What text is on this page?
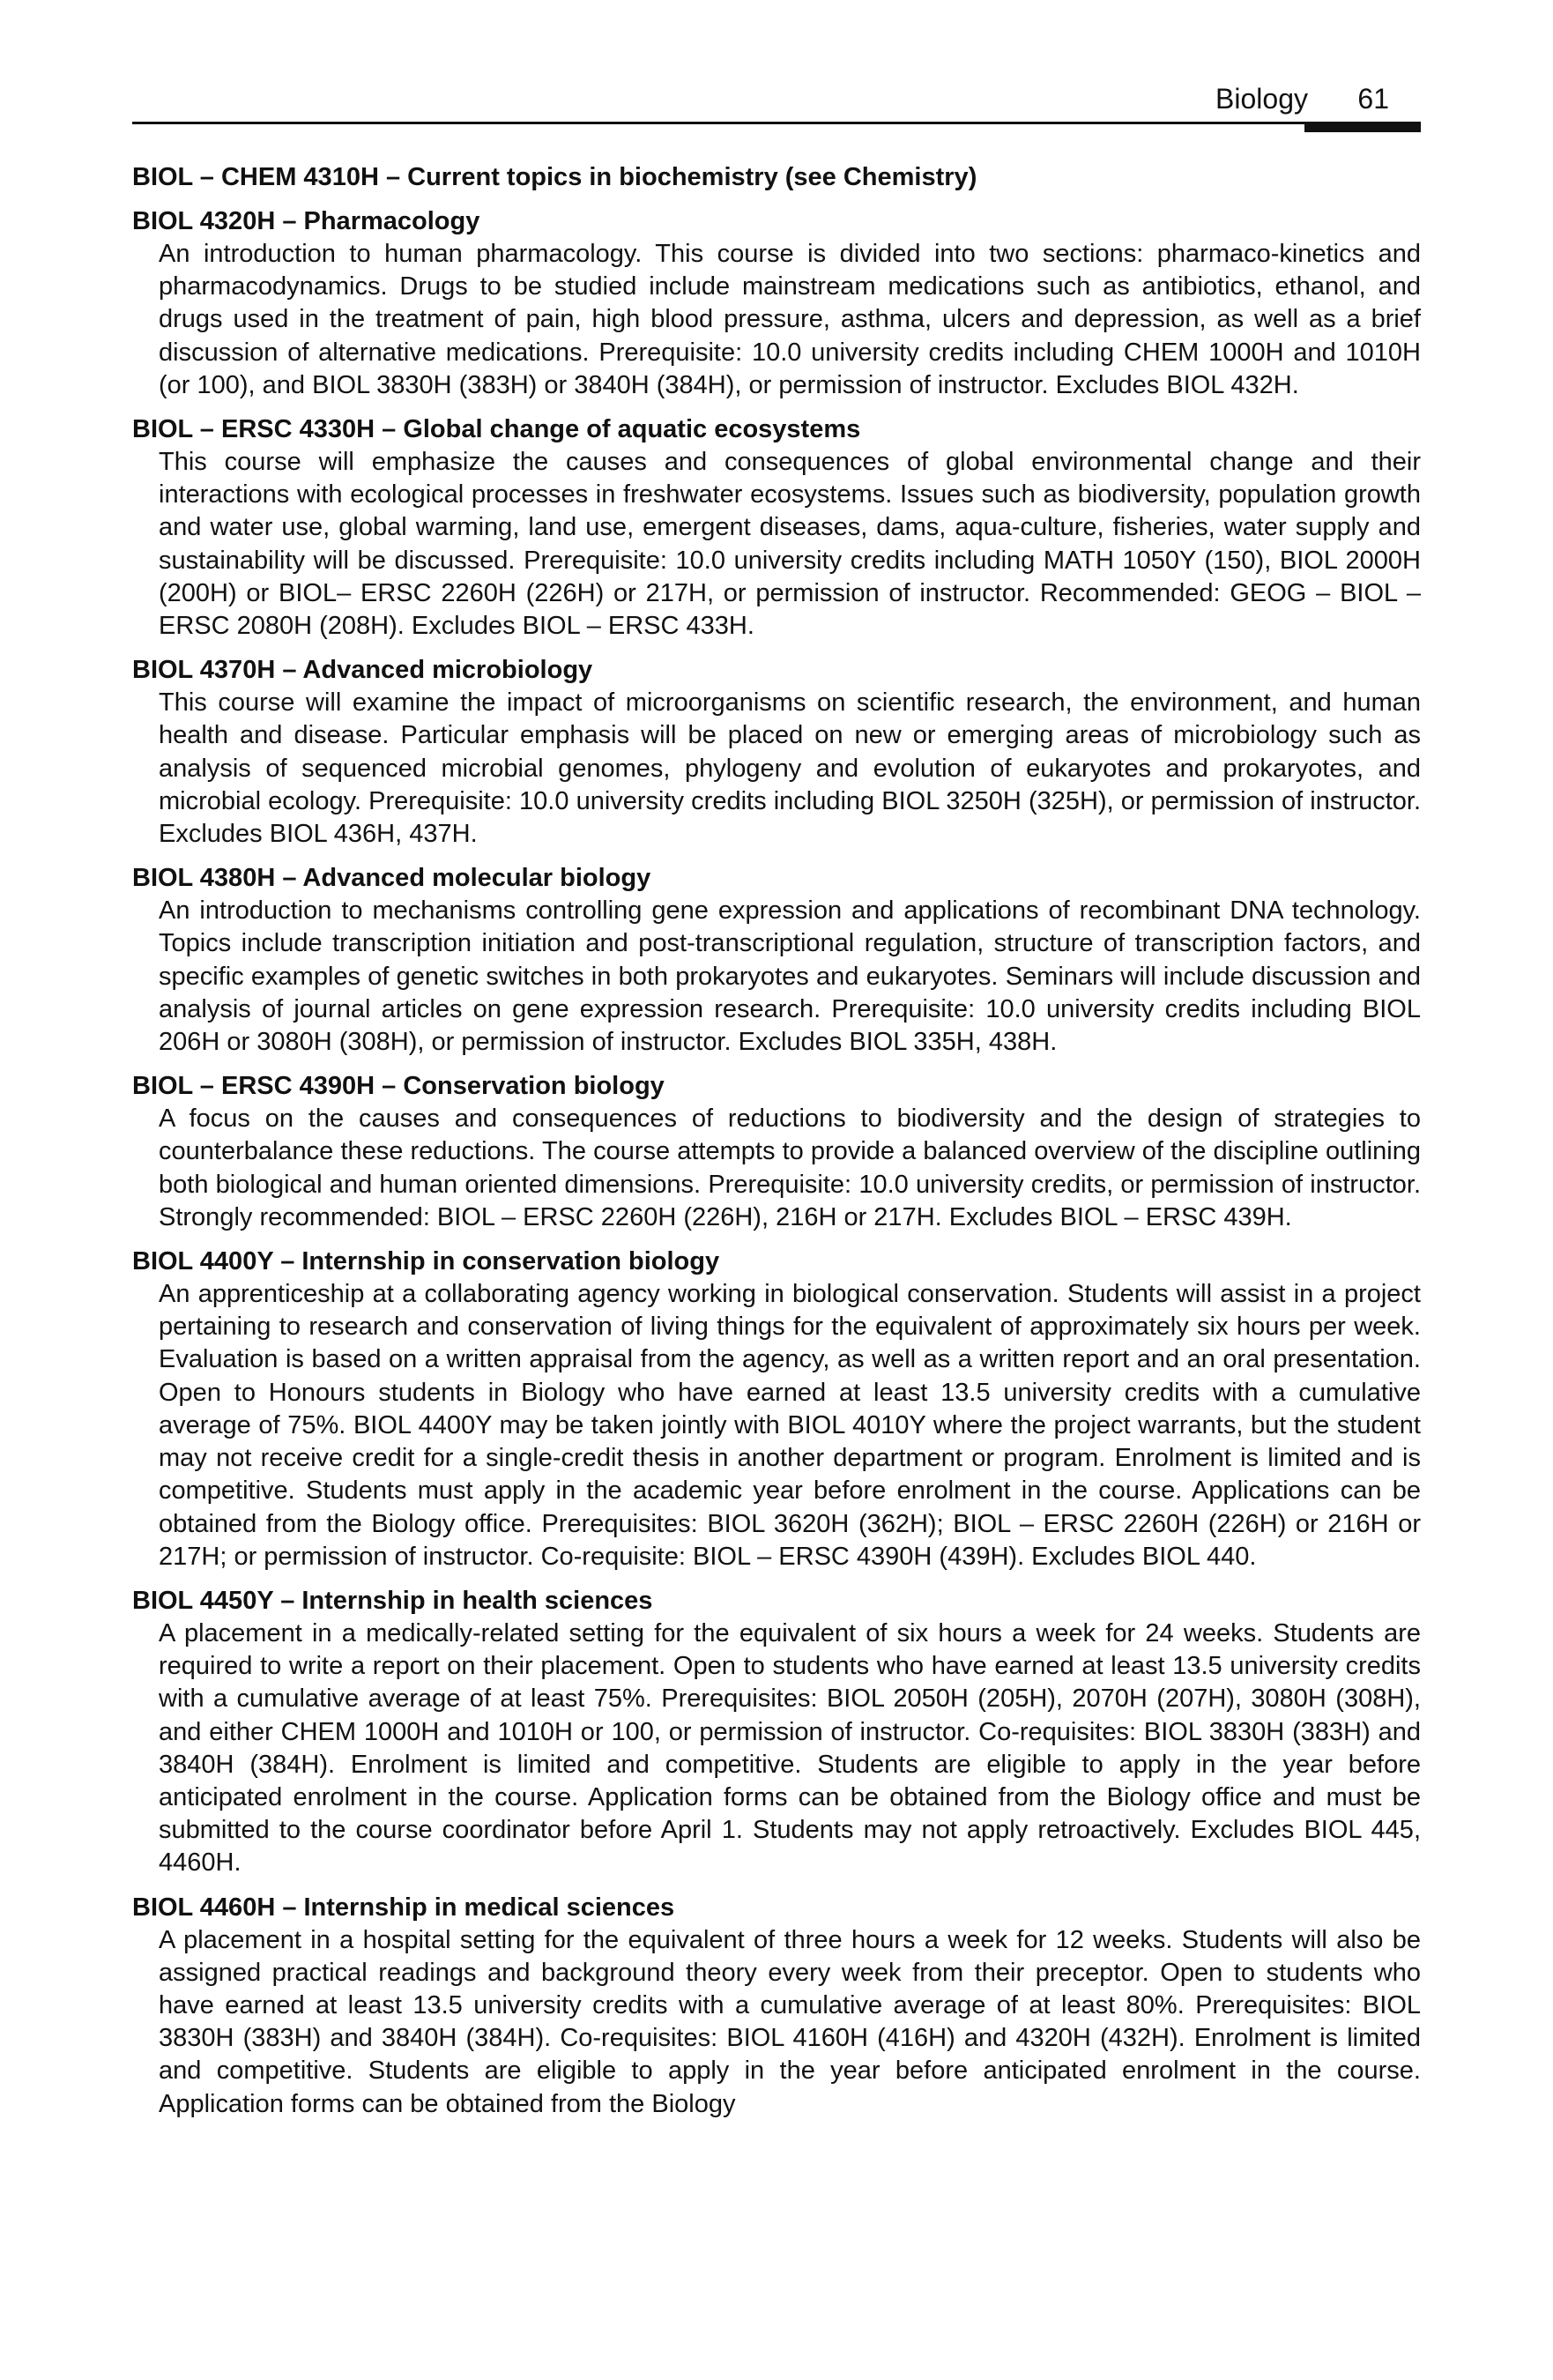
Biology 61

BIOL – CHEM 4310H – Current topics in biochemistry (see Chemistry)

BIOL 4320H – Pharmacology

An introduction to human pharmacology. This course is divided into two sections: pharmaco-kinetics and pharmacodynamics. Drugs to be studied include mainstream medications such as antibiotics, ethanol, and drugs used in the treatment of pain, high blood pressure, asthma, ulcers and depression, as well as a brief discussion of alternative medications. Prerequisite: 10.0 university credits including CHEM 1000H and 1010H (or 100), and BIOL 3830H (383H) or 3840H (384H), or permission of instructor. Excludes BIOL 432H.

BIOL – ERSC 4330H – Global change of aquatic ecosystems

This course will emphasize the causes and consequences of global environmental change and their interactions with ecological processes in freshwater ecosystems. Issues such as biodiversity, population growth and water use, global warming, land use, emergent diseases, dams, aqua-culture, fisheries, water supply and sustainability will be discussed. Prerequisite: 10.0 university credits including MATH 1050Y (150), BIOL 2000H (200H) or BIOL– ERSC 2260H (226H) or 217H, or permission of instructor. Recommended: GEOG – BIOL – ERSC 2080H (208H). Excludes BIOL – ERSC 433H.

BIOL 4370H – Advanced microbiology

This course will examine the impact of microorganisms on scientific research, the environment, and human health and disease. Particular emphasis will be placed on new or emerging areas of microbiology such as analysis of sequenced microbial genomes, phylogeny and evolution of eukaryotes and prokaryotes, and microbial ecology. Prerequisite: 10.0 university credits including BIOL 3250H (325H), or permission of instructor. Excludes BIOL 436H, 437H.

BIOL 4380H – Advanced molecular biology

An introduction to mechanisms controlling gene expression and applications of recombinant DNA technology. Topics include transcription initiation and post-transcriptional regulation, structure of transcription factors, and specific examples of genetic switches in both prokaryotes and eukaryotes. Seminars will include discussion and analysis of journal articles on gene expression research. Prerequisite: 10.0 university credits including BIOL 206H or 3080H (308H), or permission of instructor. Excludes BIOL 335H, 438H.

BIOL – ERSC 4390H – Conservation biology

A focus on the causes and consequences of reductions to biodiversity and the design of strategies to counterbalance these reductions. The course attempts to provide a balanced overview of the discipline outlining both biological and human oriented dimensions. Prerequisite: 10.0 university credits, or permission of instructor. Strongly recommended: BIOL – ERSC 2260H (226H), 216H or 217H. Excludes BIOL – ERSC 439H.

BIOL 4400Y – Internship in conservation biology

An apprenticeship at a collaborating agency working in biological conservation. Students will assist in a project pertaining to research and conservation of living things for the equivalent of approximately six hours per week. Evaluation is based on a written appraisal from the agency, as well as a written report and an oral presentation. Open to Honours students in Biology who have earned at least 13.5 university credits with a cumulative average of 75%. BIOL 4400Y may be taken jointly with BIOL 4010Y where the project warrants, but the student may not receive credit for a single-credit thesis in another department or program. Enrolment is limited and is competitive. Students must apply in the academic year before enrolment in the course. Applications can be obtained from the Biology office. Prerequisites: BIOL 3620H (362H); BIOL – ERSC 2260H (226H) or 216H or 217H; or permission of instructor. Co-requisite: BIOL – ERSC 4390H (439H). Excludes BIOL 440.

BIOL 4450Y – Internship in health sciences

A placement in a medically-related setting for the equivalent of six hours a week for 24 weeks. Students are required to write a report on their placement. Open to students who have earned at least 13.5 university credits with a cumulative average of at least 75%. Prerequisites: BIOL 2050H (205H), 2070H (207H), 3080H (308H), and either CHEM 1000H and 1010H or 100, or permission of instructor. Co-requisites: BIOL 3830H (383H) and 3840H (384H). Enrolment is limited and competitive. Students are eligible to apply in the year before anticipated enrolment in the course. Application forms can be obtained from the Biology office and must be submitted to the course coordinator before April 1. Students may not apply retroactively. Excludes BIOL 445, 4460H.

BIOL 4460H – Internship in medical sciences

A placement in a hospital setting for the equivalent of three hours a week for 12 weeks. Students will also be assigned practical readings and background theory every week from their preceptor. Open to students who have earned at least 13.5 university credits with a cumulative average of at least 80%. Prerequisites: BIOL 3830H (383H) and 3840H (384H). Co-requisites: BIOL 4160H (416H) and 4320H (432H). Enrolment is limited and competitive. Students are eligible to apply in the year before anticipated enrolment in the course. Application forms can be obtained from the Biology
